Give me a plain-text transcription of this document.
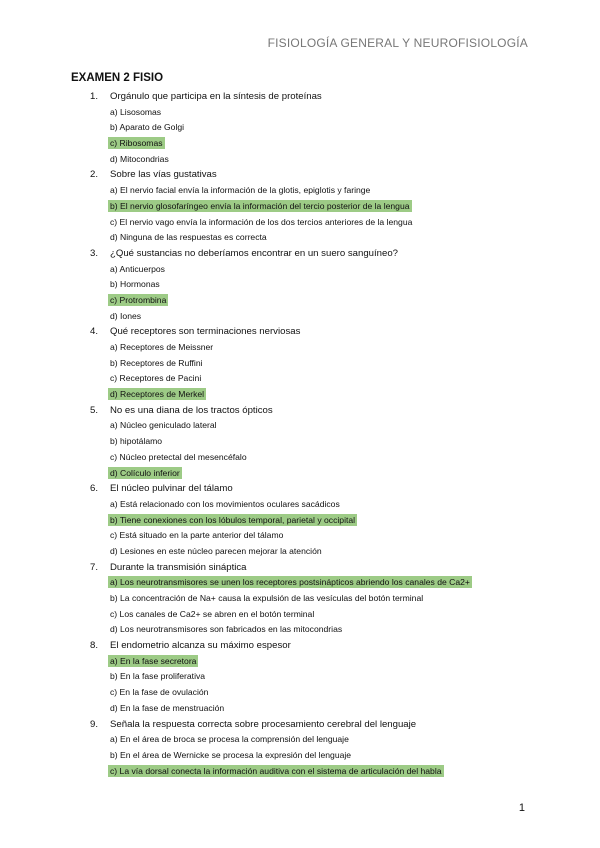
FISIOLOGÍA GENERAL Y NEUROFISIOLOGÍA
EXAMEN 2 FISIO
1. Orgánulo que participa en la síntesis de proteínas
a) Lisosomas
b) Aparato de Golgi
c) Ribosomas
d) Mitocondrias
2. Sobre las vías gustativas
a) El nervio facial envía la información de la glotis, epiglotis y faringe
b) El nervio glosofaríngeo envía la información del tercio posterior de la lengua
c) El nervio vago envía la información de los dos tercios anteriores de la lengua
d) Ninguna de las respuestas es correcta
3. ¿Qué sustancias no deberíamos encontrar en un suero sanguíneo?
a) Anticuerpos
b) Hormonas
c) Protrombina
d) Iones
4. Qué receptores son terminaciones nerviosas
a) Receptores de Meissner
b) Receptores de Ruffini
c) Receptores de Pacini
d) Receptores de Merkel
5. No es una diana de los tractos ópticos
a) Núcleo geniculado lateral
b) hipotálamo
c) Núcleo pretectal del mesencéfalo
d) Colículo inferior
6. El núcleo pulvinar del tálamo
a) Está relacionado con los movimientos oculares sacádicos
b) Tiene conexiones con los lóbulos temporal, parietal y occipital
c) Está situado en la parte anterior del tálamo
d) Lesiones en este núcleo parecen mejorar la atención
7. Durante la transmisión sináptica
a) Los neurotransmisores se unen los receptores postsinápticos abriendo los canales de Ca2+
b) La concentración de Na+ causa la expulsión de las vesículas del botón terminal
c) Los canales de Ca2+ se abren en el botón terminal
d) Los neurotransmisores son fabricados en las mitocondrias
8. El endometrio alcanza su máximo espesor
a) En la fase secretora
b) En la fase proliferativa
c) En la fase de ovulación
d) En la fase de menstruación
9. Señala la respuesta correcta sobre procesamiento cerebral del lenguaje
a) En el área de broca se procesa la comprensión del lenguaje
b) En el área de Wernicke se procesa la expresión del lenguaje
c) La vía dorsal conecta la información auditiva con el sistema de articulación del habla
1
